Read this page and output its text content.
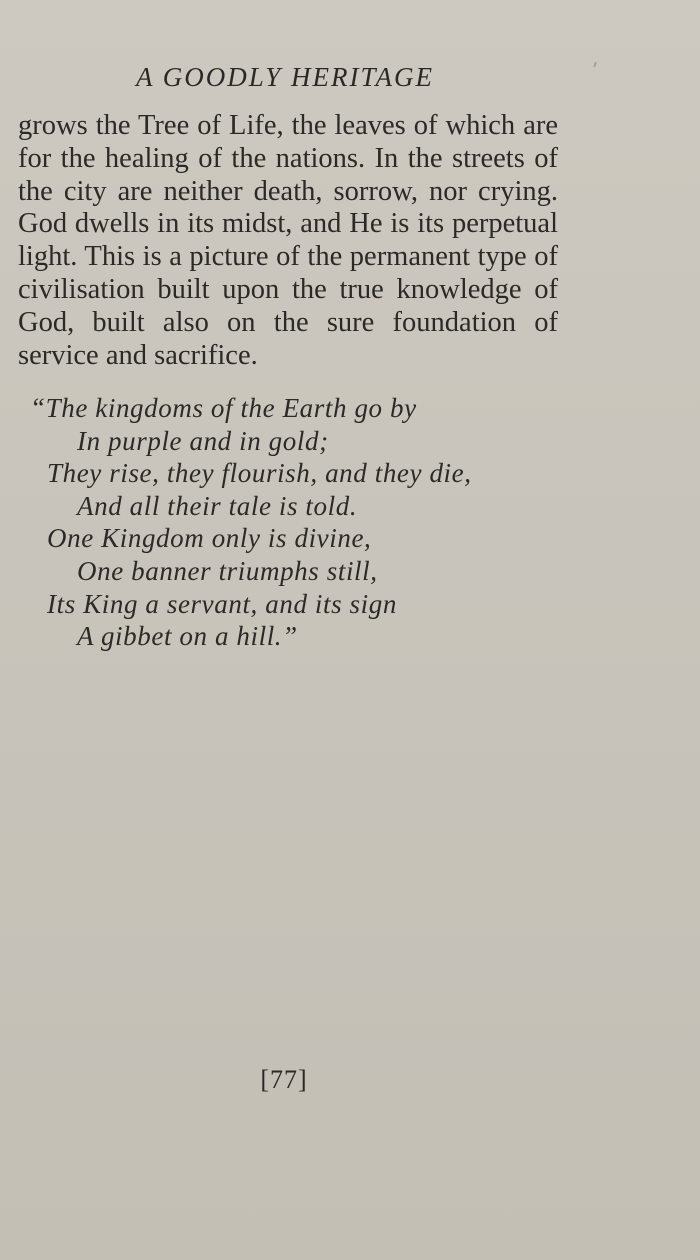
A GOODLY HERITAGE
grows the Tree of Life, the leaves of which are for the healing of the nations. In the streets of the city are neither death, sorrow, nor crying. God dwells in its midst, and He is its perpetual light. This is a picture of the permanent type of civilisation built upon the true knowledge of God, built also on the sure foundation of service and sacrifice.
“The kingdoms of the Earth go by
In purple and in gold;
They rise, they flourish, and they die,
And all their tale is told.
One Kingdom only is divine,
One banner triumphs still,
Its King a servant, and its sign
A gibbet on a hill.”
[77]
